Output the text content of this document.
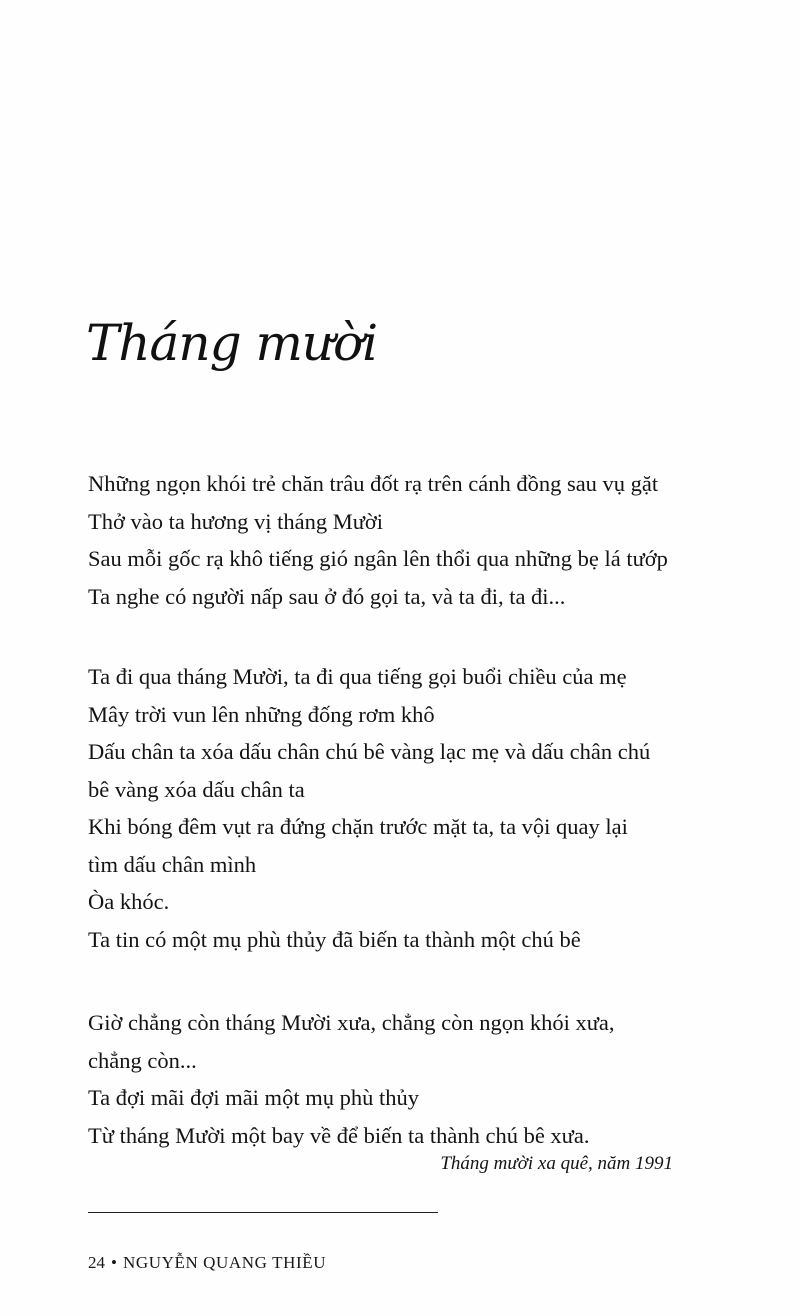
Tháng mười
Những ngọn khói trẻ chăn trâu đốt rạ trên cánh đồng sau vụ gặt
Thở vào ta hương vị tháng Mười
Sau mỗi gốc rạ khô tiếng gió ngân lên thổi qua những bẹ lá tướp
Ta nghe có người nấp sau ở đó gọi ta, và ta đi, ta đi...
Ta đi qua tháng Mười, ta đi qua tiếng gọi buổi chiều của mẹ
Mây trời vun lên những đống rơm khô
Dấu chân ta xóa dấu chân chú bê vàng lạc mẹ và dấu chân chú
bê vàng xóa dấu chân ta
Khi bóng đêm vụt ra đứng chặn trước mặt ta, ta vội quay lại
tìm dấu chân mình
Òa khóc.
Ta tin có một mụ phù thủy đã biến ta thành một chú bê
Giờ chẳng còn tháng Mười xưa, chẳng còn ngọn khói xưa,
chẳng còn...
Ta đợi mãi đợi mãi một mụ phù thủy
Từ tháng Mười một bay về để biến ta thành chú bê xưa.
Tháng mười xa quê, năm 1991
24 • NGUYỄN QUANG THIỀU
